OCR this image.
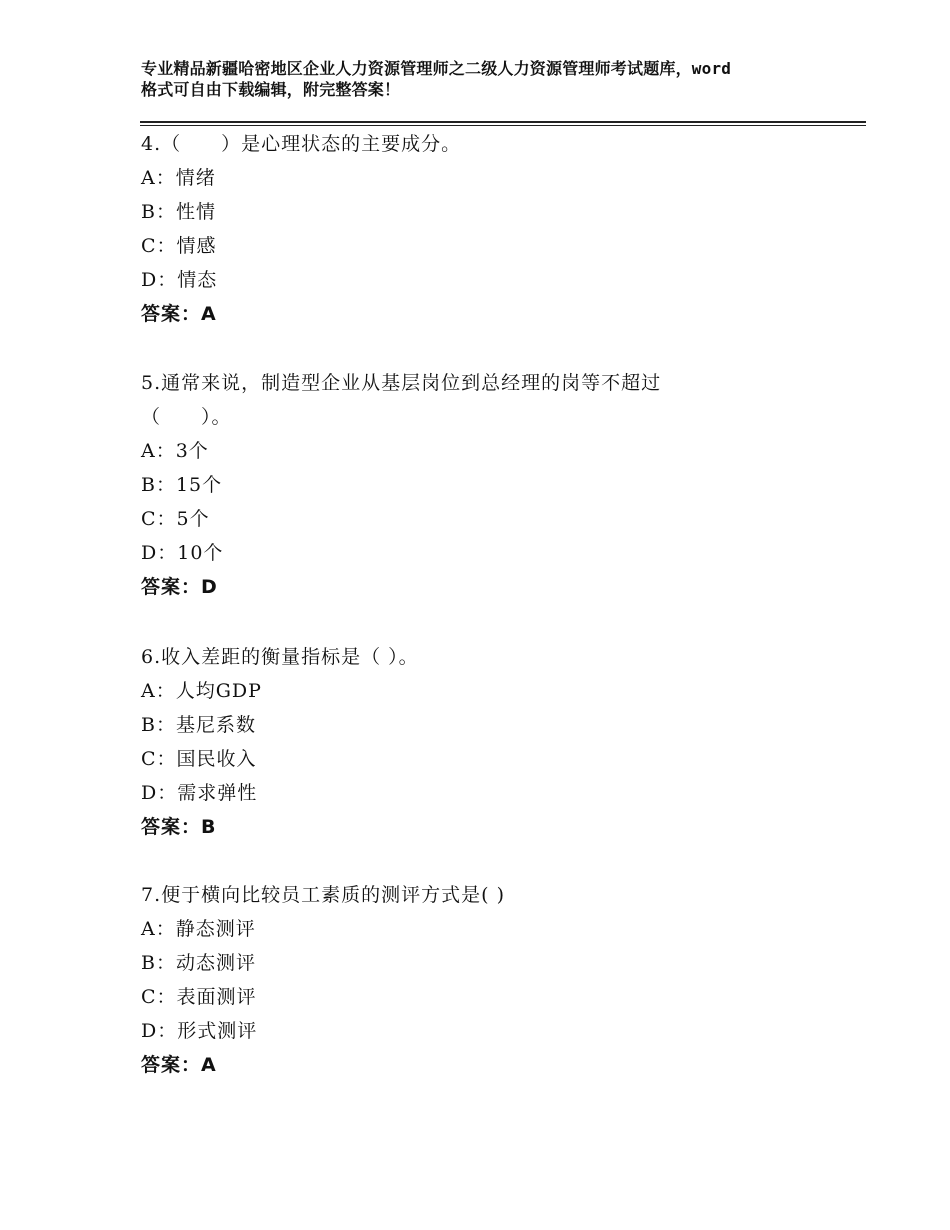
专业精品新疆哈密地区企业人力资源管理师之二级人力资源管理师考试题库，word
格式可自由下载编辑，附完整答案！
4.（　　）是心理状态的主要成分。
A：情绪
B：性情
C：情感
D：情态
答案：A
5.通常来说，制造型企业从基层岗位到总经理的岗等不超过
（　　）。
A：3个
B：15个
C：5个
D：10个
答案：D
6.收入差距的衡量指标是（ ）。
A：人均GDP
B：基尼系数
C：国民收入
D：需求弹性
答案：B
7.便于横向比较员工素质的测评方式是( )
A：静态测评
B：动态测评
C：表面测评
D：形式测评
答案：A
